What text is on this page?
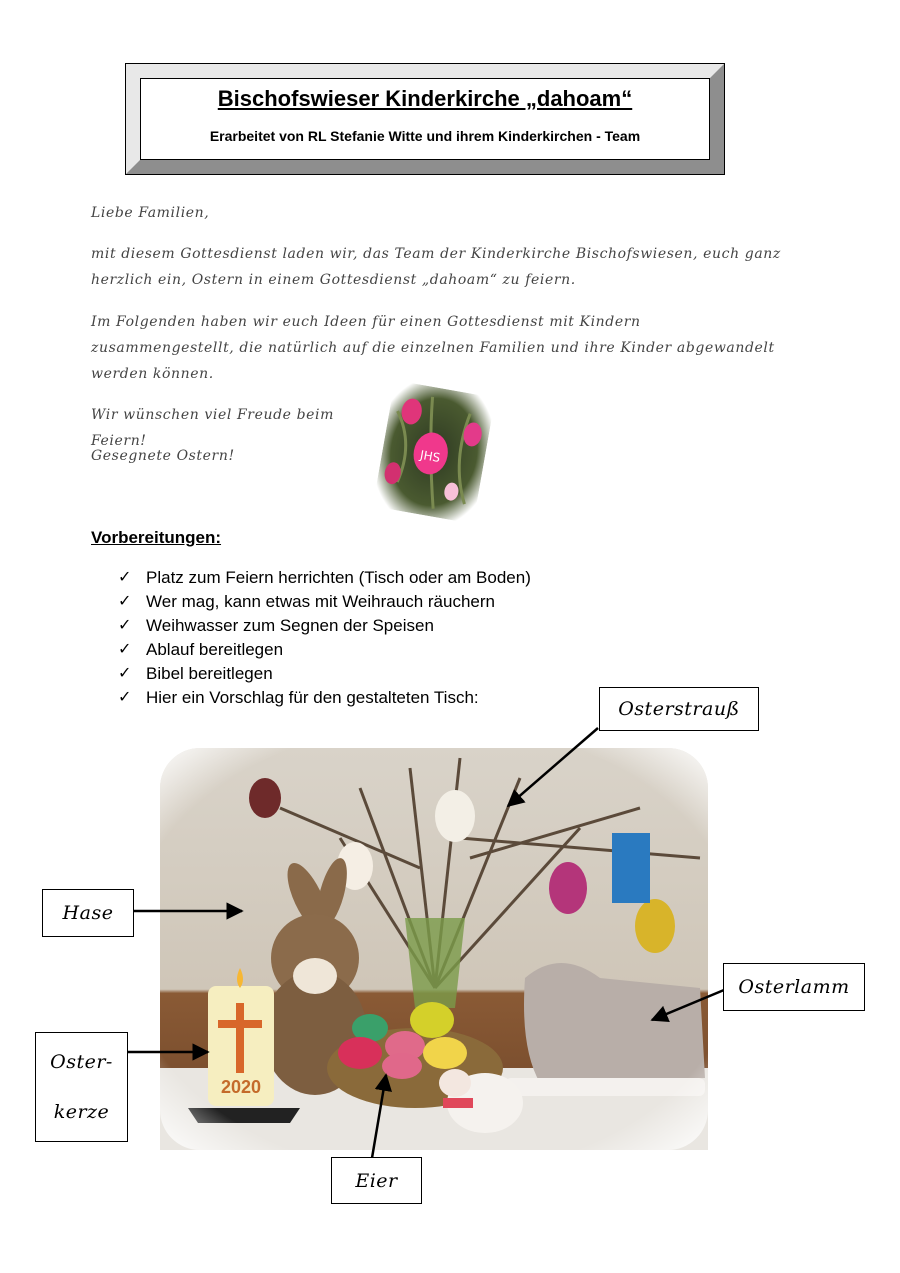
Bischofswieser Kinderkirche „dahoam“
Erarbeitet von RL Stefanie Witte und ihrem Kinderkirchen - Team

Liebe Familien,

mit diesem Gottesdienst laden wir, das Team der Kinderkirche Bischofswiesen, euch ganz
herzlich ein, Ostern in einem Gottesdienst „dahoam“ zu feiern.
Im Folgenden haben wir euch Ideen für einen Gottesdienst mit Kindern
zusammengestellt, die natürlich auf die einzelnen Familien und ihre Kinder abgewandelt
werden können.

Wir wünschen viel Freude beim Feiern!

Gesegnete Ostern!	JHS
Vorbereitungen:
✓ Platz zum Feiern herrichten (Tisch oder am Boden)
✓ Wer mag, kann etwas mit Weihrauch räuchern
✓ Weihwasser zum Segnen der Speisen
✓ Ablauf bereitlegen
✓ Bibel bereitlegen
✓ Hier ein Vorschlag für den gestalteten Tisch:
Osterstrauß
Hase
Osterlamm
Oster-
kerze
Eier
